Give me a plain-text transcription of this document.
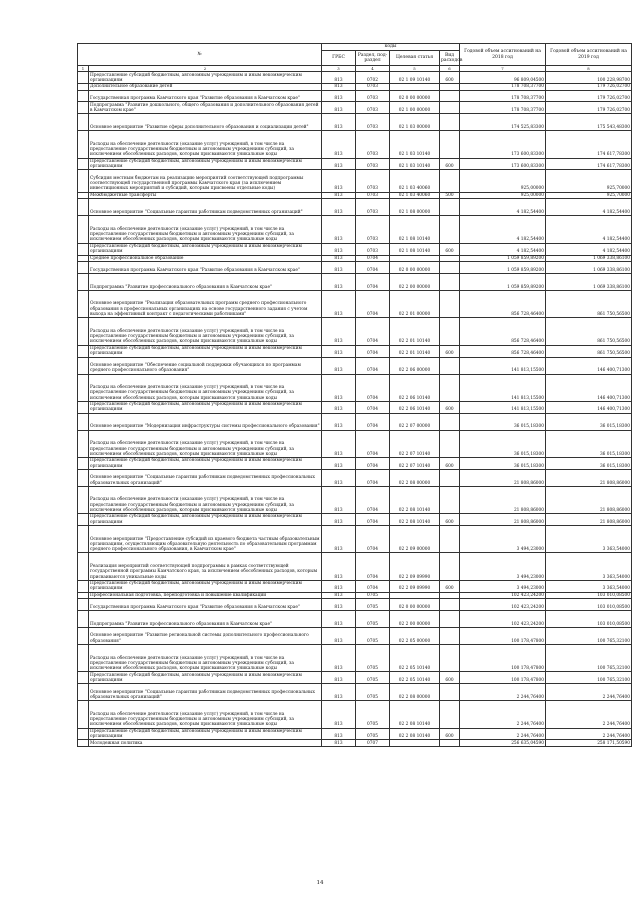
№		коды				Годовой объем ассигнований на 2018 год	Годовой объем ассигнований на 2019 год
		ГРБС	Раздел, под-раздел	Целевая статья	Вид расходов		
1	2	3	4	5	6	7	8
	Предоставление субсидий бюджетным, автономным учреждениям и иным некоммерческим организациям	813	0702	02 1 09 10140	600	96 809,04500	100 228,98700
	Дополнительное образование детей	813	0703			178 708,37700	179 726,02700
	Государственная программа Камчатского края "Развитие образования в Камчатском крае"	813	0703	02 0 00 00000		178 708,37700	179 726,02700
	Подпрограмма "Развитие дошкольного, общего образования и дополнительного образования детей в Камчатском крае"	813	0703	02 1 00 00000		178 708,37700	179 726,02700
	Основное мероприятие "Развитие сферы дополнительного образования и социализации детей"	813	0703	02 1 03 00000		174 525,83300	175 543,48300
	Расходы на обеспечение деятельности (оказание услуг) учреждений, в том числе на предоставление государственным бюджетным и автономным учреждениям субсидий, за исключением обособленных расходов, которым присваиваются уникальные коды	813	0703	02 1 03 10140		173 600,83300	174 617,78300
	Предоставление субсидий бюджетным, автономным учреждениям и иным некоммерческим организациям	813	0703	02 1 03 10140	600	173 600,83300	174 617,78300
	Субсидия местным бюджетам на реализацию мероприятий соответствующей подпрограммы соответствующей государственной программы Камчатского края (за исключением инвестиционных мероприятий и субсидий, которым присвоены отдельные коды)	813	0703	02 1 03 40060		925,00000	925,70000
	Межбюджетные трансферты	813	0703	02 1 03 40060	500	925,00000	925,70000
	Основное мероприятие "Социальные гарантии работникам подведомственных организаций"	813	0703	02 1 08 00000		4 182,54400	4 182,54400
	Расходы на обеспечение деятельности (оказание услуг) учреждений, в том числе на предоставление государственным бюджетным и автономным учреждениям субсидий, за исключением обособленных расходов, которым присваиваются уникальные коды	813	0703	02 1 08 10140		4 182,54400	4 182,54400
	Предоставление субсидий бюджетным, автономным учреждениям и иным некоммерческим организациям	813	0703	02 1 08 10140	600	4 182,54400	4 182,54400
	Среднее профессиональное образование	813	0704			1 059 859,89200	1 069 338,86100
	Государственная программа Камчатского края "Развитие образования в Камчатском крае"	813	0704	02 0 00 00000		1 059 859,89200	1 069 338,86100
	Подпрограмма "Развитие профессионального образования в Камчатском крае"	813	0704	02 2 00 00000		1 059 859,89200	1 069 338,86100
	Основное мероприятие "Реализация образовательных программ среднего профессионального образования в профессиональных организациях на основе государственного задания с учетом выхода на эффективный контракт с педагогическими работниками"	813	0704	02 2 01 00000		856 728,46400	861 750,56500
	Расходы на обеспечение деятельности (оказание услуг) учреждений, в том числе на предоставление государственным бюджетным и автономным учреждениям субсидий, за исключением обособленных расходов, которым присваиваются уникальные коды	813	0704	02 2 01 10140		856 728,46400	861 750,56500
	Предоставление субсидий бюджетным, автономным учреждениям и иным некоммерческим организациям	813	0704	02 2 01 10140	600	856 728,46400	861 750,56500
	Основное мероприятие "Обеспечение социальной поддержки обучающихся по программам среднего профессионального образования"	813	0704	02 2 06 00000		141 813,15500	146 400,71300
	Расходы на обеспечение деятельности (оказание услуг) учреждений, в том числе на предоставление государственным бюджетным и автономным учреждениям субсидий, за исключением обособленных расходов, которым присваиваются уникальные коды	813	0704	02 2 06 10140		141 813,15500	146 400,71300
	Предоставление субсидий бюджетным, автономным учреждениям и иным некоммерческим организациям	813	0704	02 2 06 10140	600	141 813,15500	146 400,71300
	Основное мероприятие "Модернизация инфраструктуры системы профессионального образования"	813	0704	02 2 07 00000		36 015,18300	36 015,18300
	Расходы на обеспечение деятельности (оказание услуг) учреждений, в том числе на предоставление государственным бюджетным и автономным учреждениям субсидий, за исключением обособленных расходов, которым присваиваются уникальные коды	813	0704	02 2 07 10140		36 015,18300	36 015,18300
	Предоставление субсидий бюджетным, автономным учреждениям и иным некоммерческим организациям	813	0704	02 2 07 10140	600	36 015,18300	36 015,18300
	Основное мероприятие "Социальные гарантии работникам подведомственных профессиональных образовательных организаций"	813	0704	02 2 08 00000		21 808,86000	21 808,86000
	Расходы на обеспечение деятельности (оказание услуг) учреждений, в том числе на предоставление государственным бюджетным и автономным учреждениям субсидий, за исключением обособленных расходов, которым присваиваются уникальные коды	813	0704	02 2 08 10140		21 808,86000	21 808,86000
	Предоставление субсидий бюджетным, автономным учреждениям и иным некоммерческим организациям	813	0704	02 2 08 10140	600	21 808,86000	21 808,86000
	Основное мероприятие "Предоставление субсидий из краевого бюджета частным образовательным организациям, осуществляющим образовательную деятельность по образовательным программам среднего профессионального образования, в Камчатском крае"	813	0704	02 2 09 00000		3 494,23000	3 363,54000
	Реализация мероприятий соответствующей подпрограммы в рамках соответствующей государственной программы Камчатского края, за исключением обособленных расходов, которым присваиваются уникальные коды	813	0704	02 2 09 09990		3 494,23000	3 363,54000
	Предоставление субсидий бюджетным, автономным учреждениям и иным некоммерческим организациям	813	0704	02 2 09 09990	600	3 494,23000	3 363,54000
	Профессиональная подготовка, переподготовка и повышение квалификации	813	0705			102 423,24200	103 010,08500
	Государственная программа Камчатского края "Развитие образования в Камчатском крае"	813	0705	02 0 00 00000		102 423,24200	103 010,08500
	Подпрограмма "Развитие профессионального образования в Камчатском крае"	813	0705	02 2 00 00000		102 423,24200	103 010,08500
	Основное мероприятие "Развитие региональной системы дополнительного профессионального образования"	813	0705	02 2 05 00000		100 178,47800	100 765,32100
	Расходы на обеспечение деятельности (оказание услуг) учреждений, в том числе на предоставление государственным бюджетным и автономным учреждениям субсидий, за исключением обособленных расходов, которым присваиваются уникальные коды	813	0705	02 2 05 10140		100 178,47800	100 765,32100
	Предоставление субсидий бюджетным, автономным учреждениям и иным некоммерческим организациям	813	0705	02 2 05 10140	600	100 178,47800	100 765,32100
	Основное мероприятие "Социальные гарантии работникам подведомственных профессиональных образовательных организаций"	813	0705	02 2 08 00000		2 244,76400	2 244,76400
	Расходы на обеспечение деятельности (оказание услуг) учреждений, в том числе на предоставление государственным бюджетным и автономным учреждениям субсидий, за исключением обособленных расходов, которым присваиваются уникальные коды	813	0705	02 2 08 10140		2 244,76400	2 244,76400
	Предоставление субсидий бюджетным, автономным учреждениям и иным некоммерческим организациям	813	0705	02 2 08 10140	600	2 244,76400	2 244,76400
	Молодежная политика	813	0707			256 635,04590	258 171,50590
14
